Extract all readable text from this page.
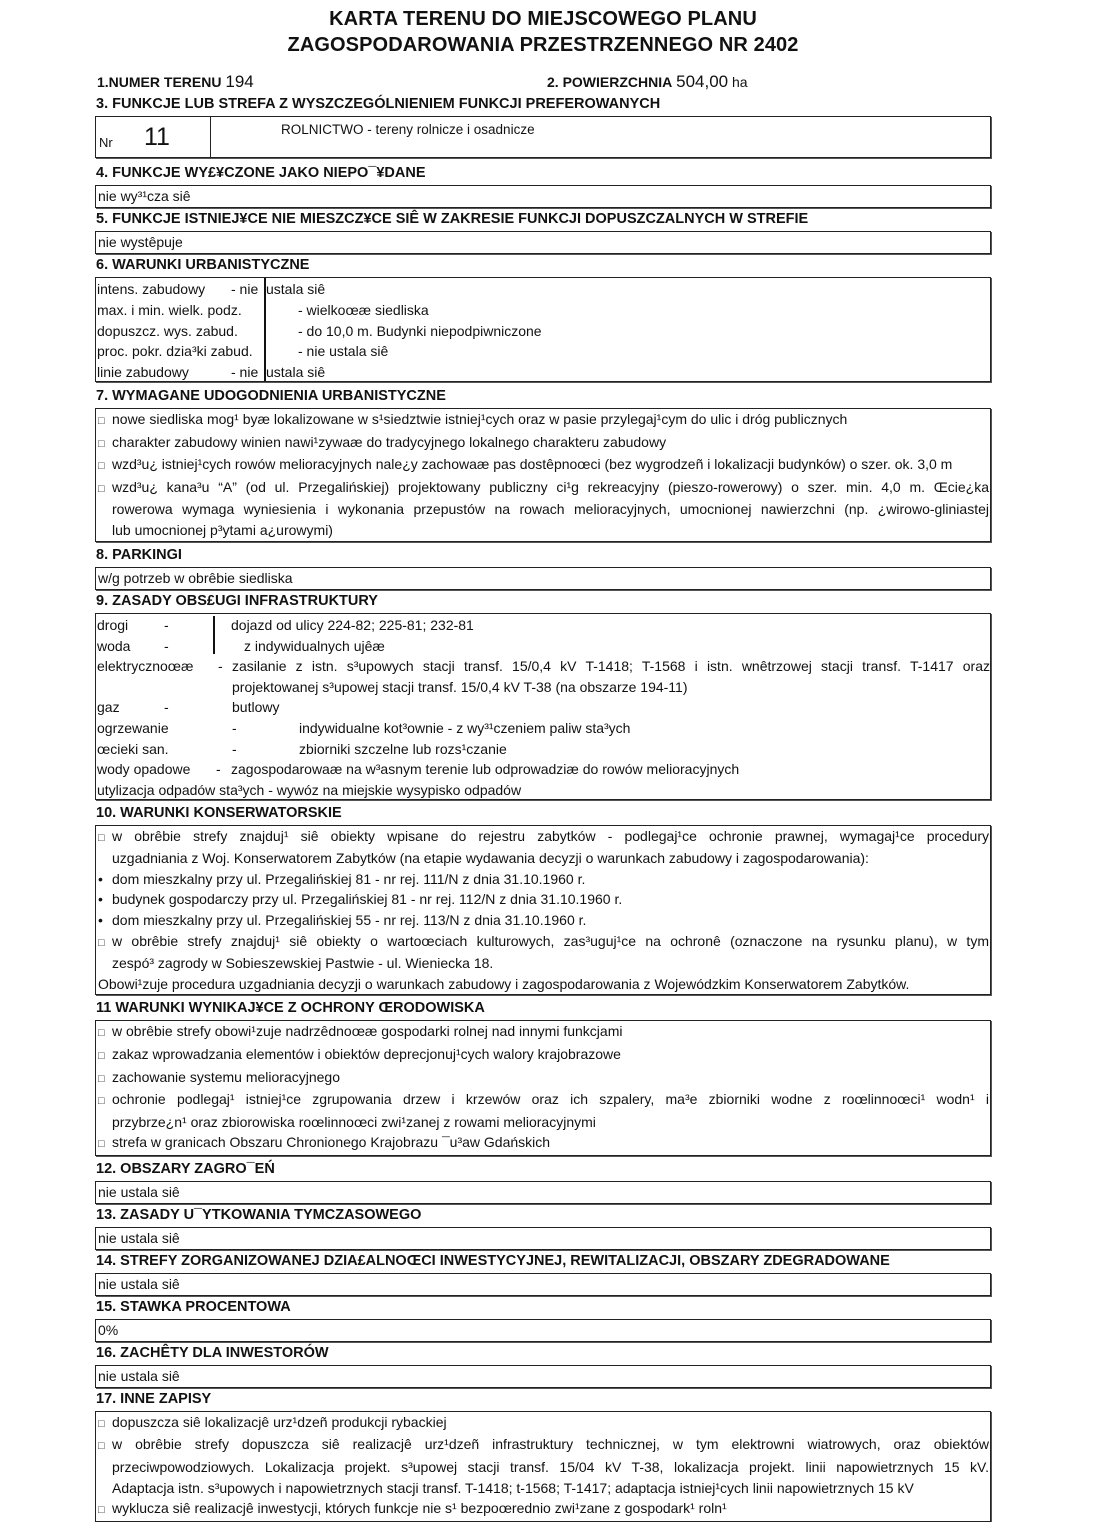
KARTA TERENU DO MIEJSCOWEGO PLANU
ZAGOSPODAROWANIA PRZESTRZENNEGO NR 2402
1.NUMER TERENU 194	2. POWIERZCHNIA 504,00 ha
3. FUNKCJE LUB STREFA Z WYSZCZEGÓLNIENIEM FUNKCJI PREFEROWANYCH
Nr 11	ROLNICTWO - tereny rolnicze i osadnicze
4. FUNKCJE WY£¥CZONE JAKO NIEPO¯¥DANE
nie wy³¹cza siê
5. FUNKCJE ISTNIEJ¥CE NIE MIESZCZ¥CE SIÊ W ZAKRESIE FUNKCJI DOPUSZCZALNYCH W STREFIE
nie wystêpuje
6. WARUNKI URBANISTYCZNE
intens. zabudowy - nie ustala siê
max. i min. wielk. podz.	- wielkoœæ siedliska
dopuszcz. wys. zabud.	- do 10,0 m. Budynki niepodpiwniczone
proc. pokr. dzia³ki zabud.	- nie ustala siê
linie zabudowy	- nie ustala siê
7. WYMAGANE UDOGODNIENIA URBANISTYCZNE
□ nowe siedliska mog¹ byæ lokalizowane w s¹siedztwie istniej¹cych oraz w pasie przylegaj¹cym do ulic i dróg publicznych
□ charakter zabudowy winien nawi¹zywaæ do tradycyjnego lokalnego charakteru zabudowy
□ wzd³u¿ istniej¹cych rowów melioracyjnych nale¿y zachowaæ pas dostêpnoœci (bez wygrodzeñ i lokalizacji budynków) o szer. ok. 3,0 m
□ wzd³u¿ kana³u “A” (od ul. Przegalińskiej) projektowany publiczny ci¹g rekreacyjny (pieszo-rowerowy) o szer. min. 4,0 m. Œcie¿ka
rowerowa wymaga wyniesienia i wykonania przepustów na rowach melioracyjnych, umocnionej nawierzchni (np. ¿wirowo-gliniastej
lub umocnionej p³ytami a¿urowymi)
8. PARKINGI
w/g potrzeb w obrêbie siedliska
9. ZASADY OBS£UGI INFRASTRUKTURY
drogi	-	dojazd od ulicy 224-82; 225-81; 232-81
woda -	z indywidualnych ujêæ
elektrycznoœæ - zasilanie z istn. s³upowych stacji transf. 15/0,4 kV T-1418; T-1568 i istn. wnêtrzowej stacji transf. T-1417 oraz
projektowanej s³upowej stacji transf. 15/0,4 kV T-38 (na obszarze 194-11)
gaz	-	butlowy
ogrzewanie	-	indywidualne kot³ownie - z wy³¹czeniem paliw sta³ych
œcieki san.	-	zbiorniki szczelne lub rozs¹czanie
wody opadowe - zagospodarowaæ na w³asnym terenie lub odprowadziæ do rowów melioracyjnych
utylizacja odpadów sta³ych - wywóz na miejskie wysypisko odpadów
10. WARUNKI KONSERWATORSKIE
□ w obrêbie strefy znajduj¹ siê obiekty wpisane do rejestru zabytków - podlegaj¹ce ochronie prawnej, wymagaj¹ce procedury
uzgadniania z Woj. Konserwatorem Zabytków (na etapie wydawania decyzji o warunkach zabudowy i zagospodarowania):
• dom mieszkalny przy ul. Przegalińskiej 81 - nr rej. 111/N z dnia 31.10.1960 r.
• budynek gospodarczy przy ul. Przegalińskiej 81 - nr rej. 112/N z dnia 31.10.1960 r.
• dom mieszkalny przy ul. Przegalińskiej 55 - nr rej. 113/N z dnia 31.10.1960 r.
□ w obrêbie strefy znajduj¹ siê obiekty o wartoœciach kulturowych, zas³uguj¹ce na ochronê (oznaczone na rysunku planu), w tym
zespó³ zagrody w Sobieszewskiej Pastwie - ul. Wieniecka 18.
Obowi¹zuje procedura uzgadniania decyzji o warunkach zabudowy i zagospodarowania z Wojewódzkim Konserwatorem Zabytków.
11 WARUNKI WYNIKAJ¥CE Z OCHRONY ŒRODOWISKA
□ w obrêbie strefy obowi¹zuje nadrzêdnoœæ gospodarki rolnej nad innymi funkcjami
□ zakaz wprowadzania elementów i obiektów deprecjonuj¹cych walory krajobrazowe
□ zachowanie systemu melioracyjnego
□ ochronie podlegaj¹ istniej¹ce zgrupowania drzew i krzewów oraz ich szpalery, ma³e zbiorniki wodne z roœlinnoœci¹ wodn¹ i
przybrze¿n¹ oraz zbiorowiska roœlinnoœci zwi¹zanej z rowami melioracyjnymi
□ strefa w granicach Obszaru Chronionego Krajobrazu ¯u³aw Gdańskich
12. OBSZARY ZAGRO¯EŃ
nie ustala siê
13. ZASADY U¯YTKOWANIA TYMCZASOWEGO
nie ustala siê
14. STREFY ZORGANIZOWANEJ DZIA£ALNOŒCI INWESTYCYJNEJ, REWITALIZACJI, OBSZARY ZDEGRADOWANE
nie ustala siê
15. STAWKA PROCENTOWA
0%
16. ZACHÊTY DLA INWESTORÓW
nie ustala siê
17. INNE ZAPISY
□ dopuszcza siê lokalizacjê urz¹dzeñ produkcji rybackiej
□ w obrêbie strefy dopuszcza siê realizacjê urz¹dzeñ infrastruktury technicznej, w tym elektrowni wiatrowych, oraz obiektów
przeciwpowodziowych. Lokalizacja projekt. s³upowej stacji transf. 15/04 kV T-38, lokalizacja projekt. linii napowietrznych 15 kV.
Adaptacja istn. s³upowych i napowietrznych stacji transf. T-1418; t-1568; T-1417; adaptacja istniej¹cych linii napowietrznych 15 kV
□ wyklucza siê realizacjê inwestycji, których funkcje nie s¹ bezpoœrednio zwi¹zane z gospodark¹ roln¹
